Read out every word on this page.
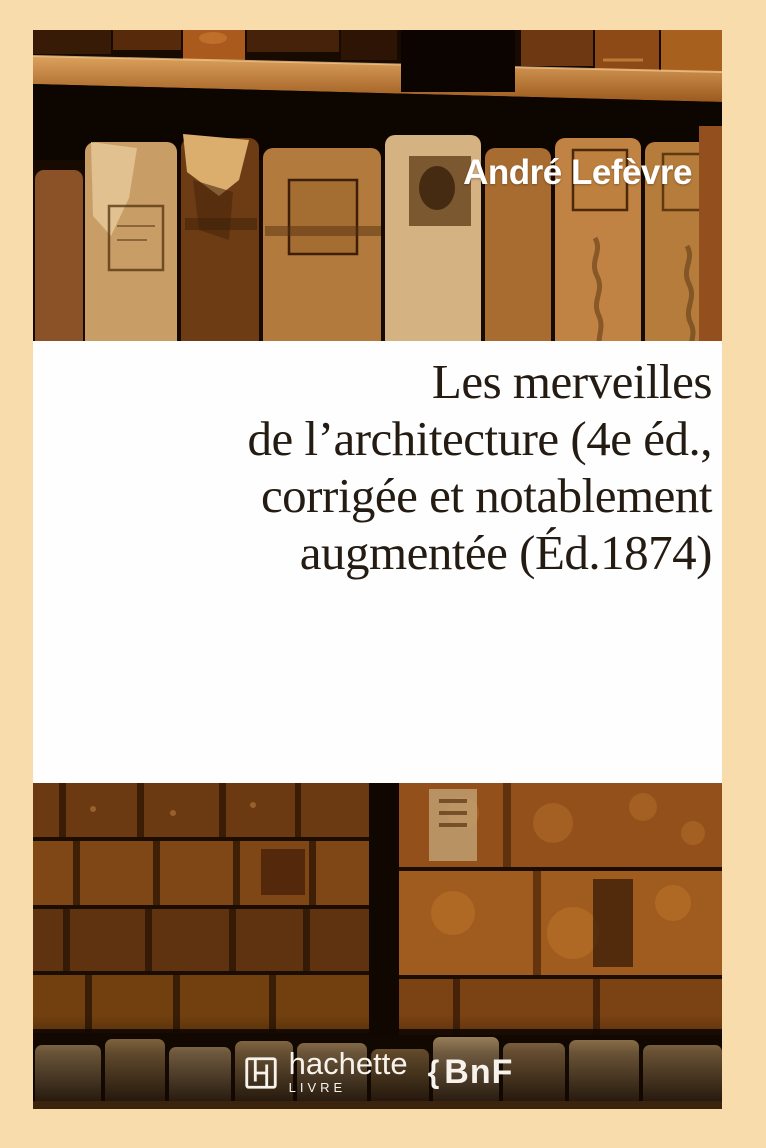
André Lefèvre
Les merveilles
de l’architecture (4e éd.,
corrigée et notablement
augmentée (Éd.1874)
hachette
LIVRE	{ BnF
